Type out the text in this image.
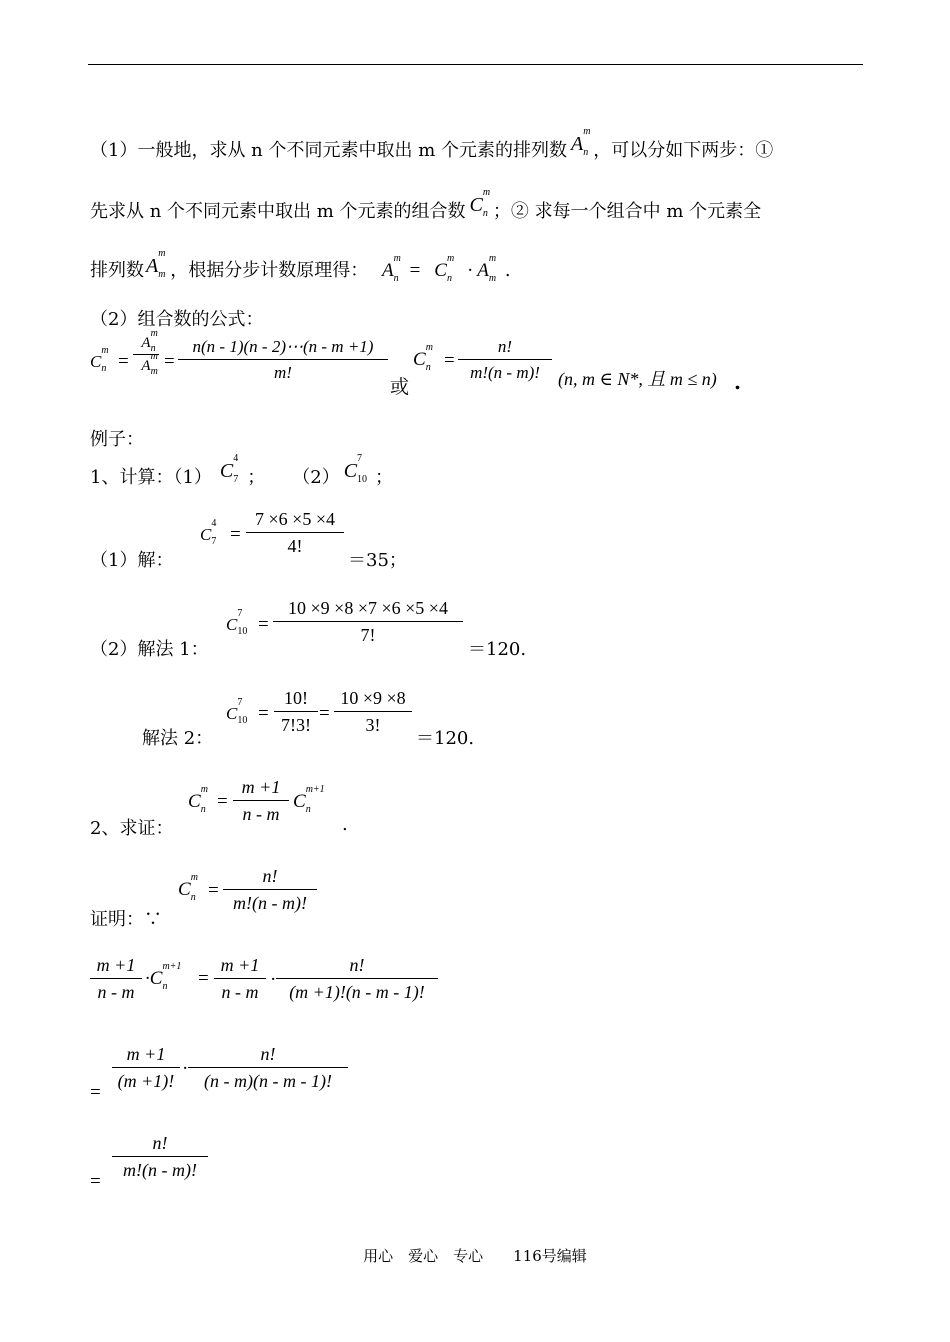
（1）一般地，求从 n 个不同元素中取出 m 个元素的排列数 A
m
n ，可以分如下两步：①
先求从 n 个不同元素中取出 m 个元素的组合数 C
m
n ；② 求每一个组合中 m 个元素全
排列数 A
m
m ，根据分步计数原理得： A
m
n = C
m
n · A
m
m .
（2）组合数的公式：
C
m
n =
A
m
n
A
m
$m = \frac{n(n - 1)(n - 2)\cdots(n - m +1)}{m!}$
或
C
m
$n = \frac{n!}{m!(n - m)!} (n$, m ∈ N*, 且 m ≤ n) .
例子：
1、计算：（1） C
4
7 ； （2） C
7
10 ；
（1）解：
C
4
$7 = \frac{7 \times 6 \times 5 \times 4}{4!}$
＝35；
（2）解法 1：
C
7
$10 = \frac{10 \times 9 \times 8 \times 7 \times 6 \times 5 \times 4}{7!}$
＝120.
解法 2：
C
7
$10 = \frac{10!}{7!3!} = \frac{10 \times 9 \times 8}{3!}$
＝120.
2、求证：
C
m
$n = \frac{m +1}{n - m}$ C
m+1
n
.
证明：∵
C
m
$n = \frac{n!}{m!(n - m)!}$
$\frac{m +1}{n - m} \cdot C$
m+1
$n = \frac{m +1}{n - m} \cdot \frac{n!}{(m +1)!(n - m - 1)!}$
=
$\frac{m +1}{(m +1)!} \cdot \frac{n!}{(n - m)(n - m - 1)!}$
=
$\frac{n!}{m!(n - m)!}$
用心　爱心　专心　　116号编辑
